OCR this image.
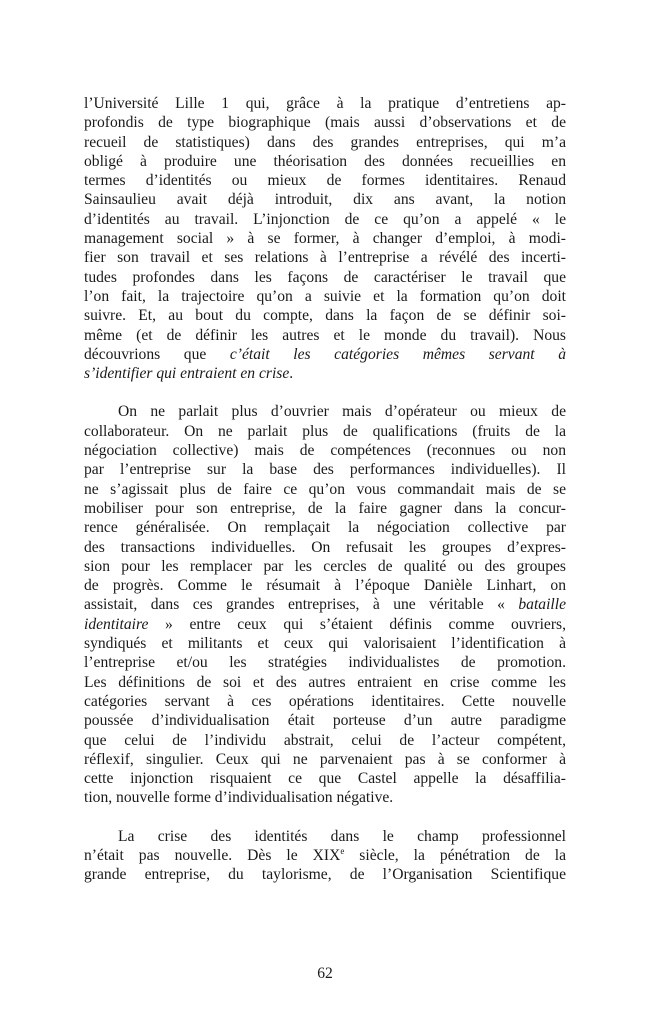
l’Université Lille 1 qui, grâce à la pratique d’entretiens ap-
profondis de type biographique (mais aussi d’observations et de
recueil de statistiques) dans des grandes entreprises, qui m’a
obligé à produire une théorisation des données recueillies en
termes d’identités ou mieux de formes identitaires. Renaud
Sainsaulieu avait déjà introduit, dix ans avant, la notion
d’identités au travail. L’injonction de ce qu’on a appelé « le
management social » à se former, à changer d’emploi, à modi-
fier son travail et ses relations à l’entreprise a révélé des incerti-
tudes profondes dans les façons de caractériser le travail que
l’on fait, la trajectoire qu’on a suivie et la formation qu’on doit
suivre. Et, au bout du compte, dans la façon de se définir soi-
même (et de définir les autres et le monde du travail). Nous
découvrions que c’était les catégories mêmes servant à
s’identifier qui entraient en crise.
On ne parlait plus d’ouvrier mais d’opérateur ou mieux de
collaborateur. On ne parlait plus de qualifications (fruits de la
négociation collective) mais de compétences (reconnues ou non
par l’entreprise sur la base des performances individuelles). Il
ne s’agissait plus de faire ce qu’on vous commandait mais de se
mobiliser pour son entreprise, de la faire gagner dans la concur-
rence généralisée. On remplaçait la négociation collective par
des transactions individuelles. On refusait les groupes d’expres-
sion pour les remplacer par les cercles de qualité ou des groupes
de progrès. Comme le résumait à l’époque Danièle Linhart, on
assistait, dans ces grandes entreprises, à une véritable « bataille
identitaire » entre ceux qui s’étaient définis comme ouvriers,
syndiqués et militants et ceux qui valorisaient l’identification à
l’entreprise et/ou les stratégies individualistes de promotion.
Les définitions de soi et des autres entraient en crise comme les
catégories servant à ces opérations identitaires. Cette nouvelle
poussée d’individualisation était porteuse d’un autre paradigme
que celui de l’individu abstrait, celui de l’acteur compétent,
réflexif, singulier. Ceux qui ne parvenaient pas à se conformer à
cette injonction risquaient ce que Castel appelle la désaffilia-
tion, nouvelle forme d’individualisation négative.
La crise des identités dans le champ professionnel
n’était pas nouvelle. Dès le XIXe siècle, la pénétration de la
grande entreprise, du taylorisme, de l’Organisation Scientifique
62
